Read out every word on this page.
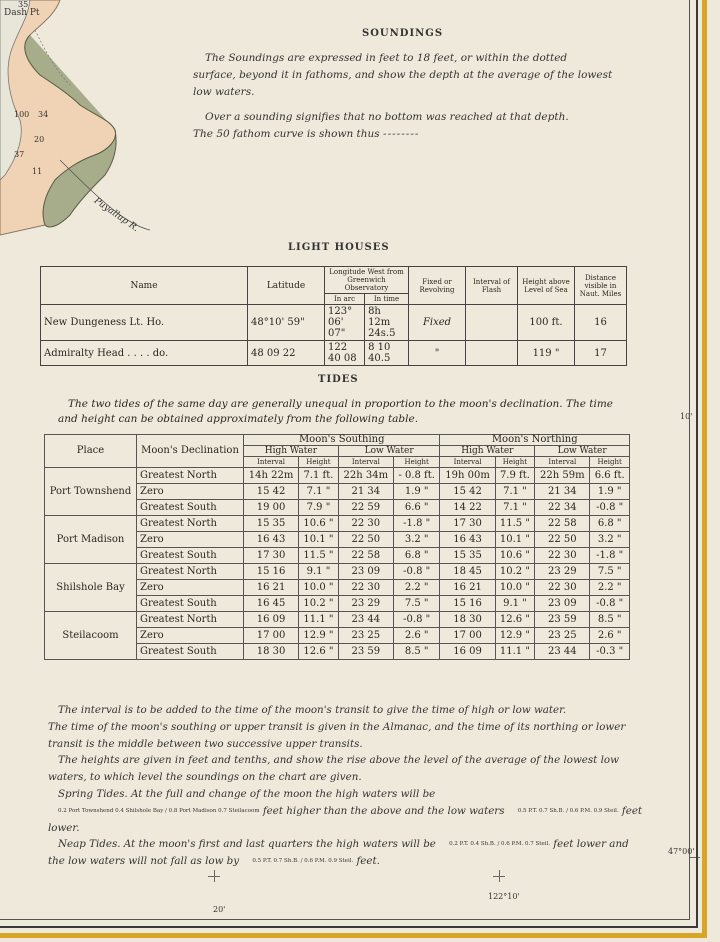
Dash Pt
35
34
20
37
11
100
Puyallup R.
SOUNDINGS
The Soundings are expressed in feet to 18 feet, or within the dotted surface, beyond it in fathoms, and show the depth at the average of the lowest low waters.
Over a sounding signifies that no bottom was reached at that depth.
The 50 fathom curve is shown thus --------
LIGHT HOUSES
Name	Latitude	Longitude West from Greenwich Observatory		Fixed or Revolving	Interval of Flash	Height above Level of Sea	Distance visible in Naut. Miles
		In arc	In time				
New Dungeness Lt. Ho.	48°10' 59"	123° 06' 07"	8h 12m 24s.5	Fixed		100 ft.	16
Admiralty Head . . . . do.	48 09 22	122 40 08	8 10 40.5	"		119 "	17
TIDES
The two tides of the same day are generally unequal in proportion to the moon's declination. The time and height can be obtained approximately from the following table.
Place	Moon's Declination	Moon's Southing				Moon's Northing			
		High Water		Low Water		High Water		Low Water	
		Interval	Height	Interval	Height	Interval	Height	Interval	Height
Port Townshend	Greatest North	14h 22m	7.1 ft.	22h 34m	- 0.8 ft.	19h 00m	7.9 ft.	22h 59m	6.6 ft.
	Zero	15 42	7.1 "	21 34	1.9 "	15 42	7.1 "	21 34	1.9 "
	Greatest South	19 00	7.9 "	22 59	6.6 "	14 22	7.1 "	22 34	-0.8 "
Port Madison	Greatest North	15 35	10.6 "	22 30	-1.8 "	17 30	11.5 "	22 58	6.8 "
	Zero	16 43	10.1 "	22 50	3.2 "	16 43	10.1 "	22 50	3.2 "
	Greatest South	17 30	11.5 "	22 58	6.8 "	15 35	10.6 "	22 30	-1.8 "
Shilshole Bay	Greatest North	15 16	9.1 "	23 09	-0.8 "	18 45	10.2 "	23 29	7.5 "
	Zero	16 21	10.0 "	22 30	2.2 "	16 21	10.0 "	22 30	2.2 "
	Greatest South	16 45	10.2 "	23 29	7.5 "	15 16	9.1 "	23 09	-0.8 "
Steilacoom	Greatest North	16 09	11.1 "	23 44	-0.8 "	18 30	12.6 "	23 59	8.5 "
	Zero	17 00	12.9 "	23 25	2.6 "	17 00	12.9 "	23 25	2.6 "
	Greatest South	18 30	12.6 "	23 59	8.5 "	16 09	11.1 "	23 44	-0.3 "

The interval is to be added to the time of the moon's transit to give the time of high or low water.

The time of the moon's southing or upper transit is given in the Almanac, and the time of its northing or lower transit is the middle between two successive upper transits.

The heights are given in feet and tenths, and show the rise above the level of the average of the lowest low waters, to which level the soundings on the chart are given.

Spring Tides. At the full and change of the moon the high waters will be 0.2 Port Townshend 0.4 Shilshole Bay / 0.8 Port Madison 0.7 Steilacoom feet higher than the above and the low waters 0.5 P.T. 0.7 Sh.B. / 0.6 P.M. 0.9 Steil. feet lower.

Neap Tides. At the moon's first and last quarters the high waters will be 0.2 P.T. 0.4 Sh.B. / 0.6 P.M. 0.7 Steil. feet lower and the low waters will not fall as low by 0.5 P.T. 0.7 Sh.B. / 0.6 P.M. 0.9 Steil. feet.

10'
47°00'
20'
122°10'
